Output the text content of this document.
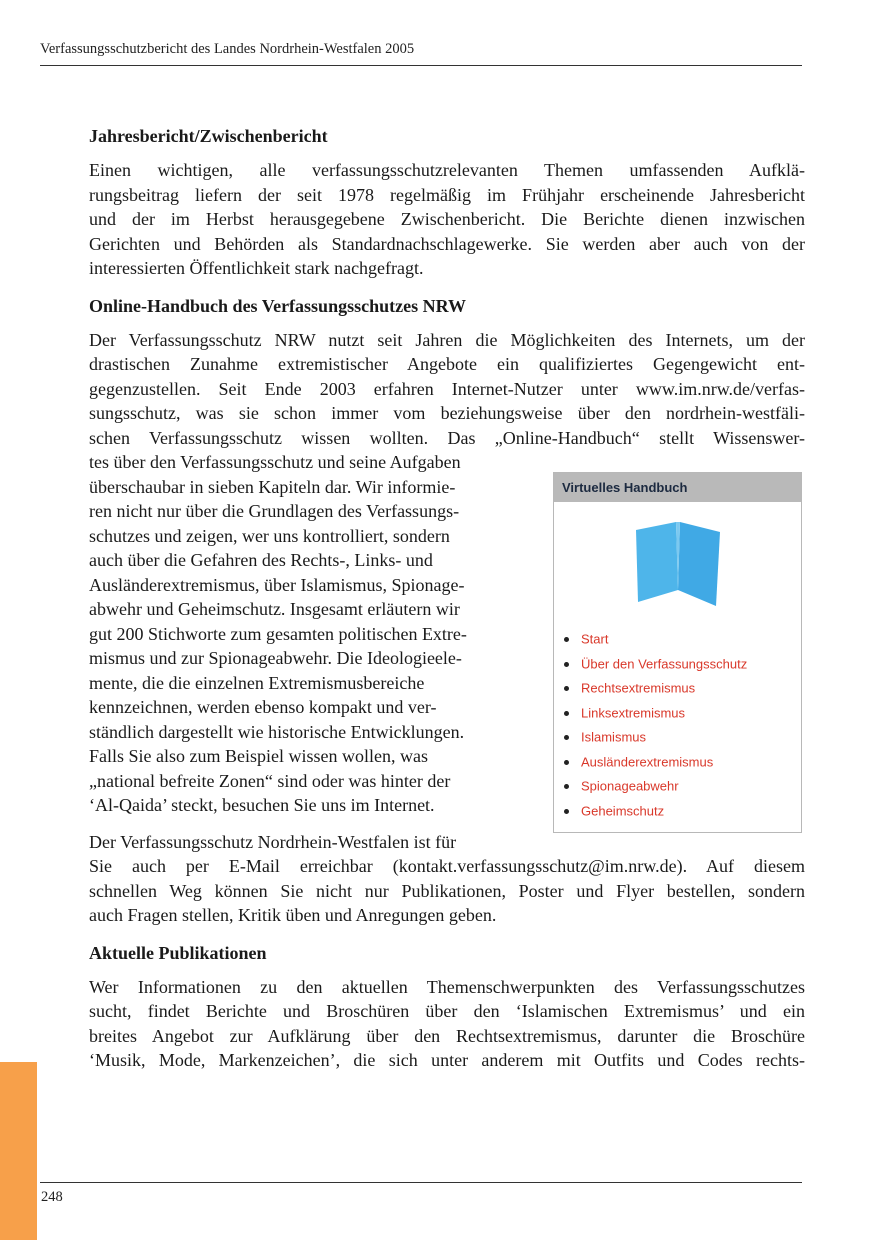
Verfassungsschutzbericht des Landes Nordrhein-Westfalen 2005
Jahresbericht/Zwischenbericht

Einen wichtigen, alle verfassungsschutzrelevanten Themen umfassenden Aufklä-
rungsbeitrag liefern der seit 1978 regelmäßig im Frühjahr erscheinende Jahresbericht
und der im Herbst herausgegebene Zwischenbericht. Die Berichte dienen inzwischen
Gerichten und Behörden als Standardnachschlagewerke. Sie werden aber auch von der
interessierten Öffentlichkeit stark nachgefragt.

Online-Handbuch des Verfassungsschutzes NRW

Der Verfassungsschutz NRW nutzt seit Jahren die Möglichkeiten des Internets, um der
drastischen Zunahme extremistischer Angebote ein qualifiziertes Gegengewicht ent-
gegenzustellen. Seit Ende 2003 erfahren Internet-Nutzer unter www.im.nrw.de/verfas-
sungsschutz, was sie schon immer vom beziehungsweise über den nordrhein-westfäli-
schen Verfassungsschutz wissen wollten. Das „Online-Handbuch“ stellt Wissenswer-

Virtuelles Handbuch
Start
Über den Verfassungsschutz
Rechtsextremismus
Linksextremismus
Islamismus
Ausländerextremismus
Spionageabwehr
Geheimschutz

tes über den Verfassungsschutz und seine Aufgaben
überschaubar in sieben Kapiteln dar. Wir informie-
ren nicht nur über die Grundlagen des Verfassungs-
schutzes und zeigen, wer uns kontrolliert, sondern
auch über die Gefahren des Rechts-, Links- und
Ausländerextremismus, über Islamismus, Spionage-
abwehr und Geheimschutz. Insgesamt erläutern wir
gut 200 Stichworte zum gesamten politischen Extre-
mismus und zur Spionageabwehr. Die Ideologieele-
mente, die die einzelnen Extremismusbereiche
kennzeichnen, werden ebenso kompakt und ver-
ständlich dargestellt wie historische Entwicklungen.
Falls Sie also zum Beispiel wissen wollen, was
„national befreite Zonen“ sind oder was hinter der
‘Al-Qaida’ steckt, besuchen Sie uns im Internet.

Der Verfassungsschutz Nordrhein-Westfalen ist für
Sie auch per E-Mail erreichbar (kontakt.verfassungsschutz@im.nrw.de). Auf diesem
schnellen Weg können Sie nicht nur Publikationen, Poster und Flyer bestellen, sondern
auch Fragen stellen, Kritik üben und Anregungen geben.

Aktuelle Publikationen

Wer Informationen zu den aktuellen Themenschwerpunkten des Verfassungsschutzes
sucht, findet Berichte und Broschüren über den ‘Islamischen Extremismus’ und ein
breites Angebot zur Aufklärung über den Rechtsextremismus, darunter die Broschüre
‘Musik, Mode, Markenzeichen’, die sich unter anderem mit Outfits und Codes rechts-

248
